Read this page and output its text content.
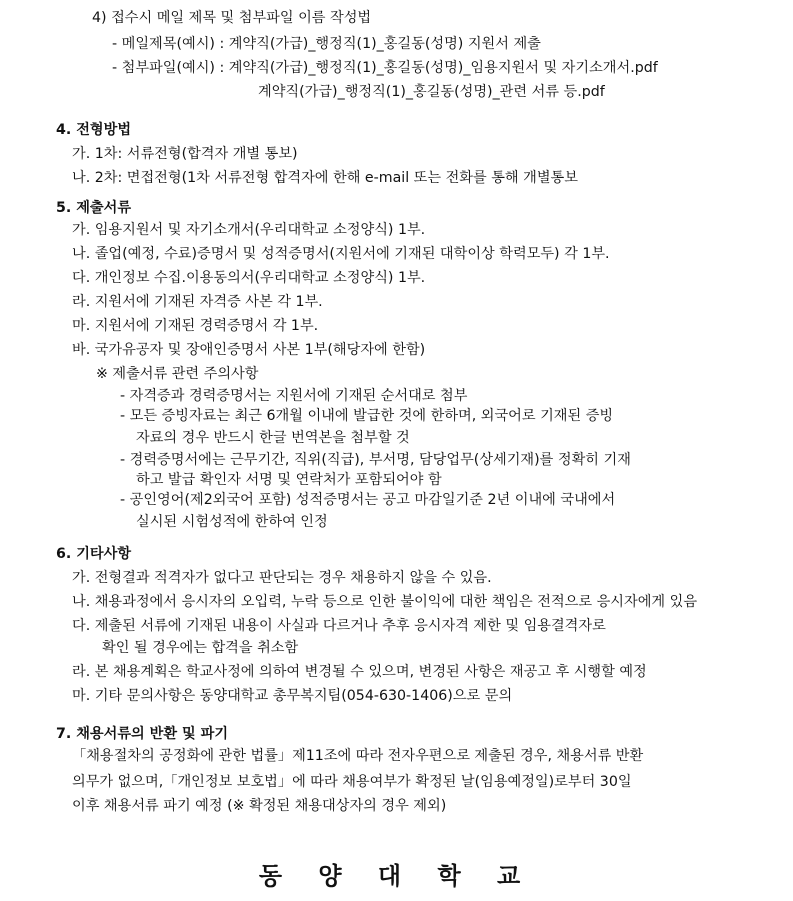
4) 접수시 메일 제목 및 첨부파일 이름 작성법
- 메일제목(예시) : 계약직(가급)_행정직(1)_홍길동(성명) 지원서 제출
- 첨부파일(예시) : 계약직(가급)_행정직(1)_홍길동(성명)_임용지원서 및 자기소개서.pdf
계약직(가급)_행정직(1)_홍길동(성명)_관련 서류 등.pdf
4. 전형방법
가. 1차: 서류전형(합격자 개별 통보)
나. 2차: 면접전형(1차 서류전형 합격자에 한해 e-mail 또는 전화를 통해 개별통보
5. 제출서류
가. 임용지원서 및 자기소개서(우리대학교 소정양식) 1부.
나. 졸업(예정, 수료)증명서 및 성적증명서(지원서에 기재된 대학이상 학력모두) 각 1부.
다. 개인정보 수집.이용동의서(우리대학교 소정양식) 1부.
라. 지원서에 기재된 자격증 사본 각 1부.
마. 지원서에 기재된 경력증명서 각 1부.
바. 국가유공자 및 장애인증명서 사본 1부(해당자에 한함)
※ 제출서류 관련 주의사항
- 자격증과 경력증명서는 지원서에 기재된 순서대로 첨부
- 모든 증빙자료는 최근 6개월 이내에 발급한 것에 한하며, 외국어로 기재된 증빙
자료의 경우 반드시 한글 번역본을 첨부할 것
- 경력증명서에는 근무기간, 직위(직급), 부서명, 담당업무(상세기재)를 정확히 기재
하고 발급 확인자 서명 및 연락처가 포함되어야 함
- 공인영어(제2외국어 포함) 성적증명서는 공고 마감일기준 2년 이내에 국내에서
실시된 시험성적에 한하여 인정
6. 기타사항
가. 전형결과 적격자가 없다고 판단되는 경우 채용하지 않을 수 있음.
나. 채용과정에서 응시자의 오입력, 누락 등으로 인한 불이익에 대한 책임은 전적으로 응시자에게 있음
다. 제출된 서류에 기재된 내용이 사실과 다르거나 추후 응시자격 제한 및 임용결격자로
확인 될 경우에는 합격을 취소함
라. 본 채용계획은 학교사정에 의하여 변경될 수 있으며, 변경된 사항은 재공고 후 시행할 예정
마. 기타 문의사항은 동양대학교 총무복지팀(054-630-1406)으로 문의
7. 채용서류의 반환 및 파기
「채용절차의 공정화에 관한 법률」제11조에 따라 전자우편으로 제출된 경우, 채용서류 반환
의무가 없으며,「개인정보 보호법」에 따라 채용여부가 확정된 날(임용예정일)로부터 30일
이후 채용서류 파기 예정 (※ 확정된 채용대상자의 경우 제외)
동 양 대 학 교
